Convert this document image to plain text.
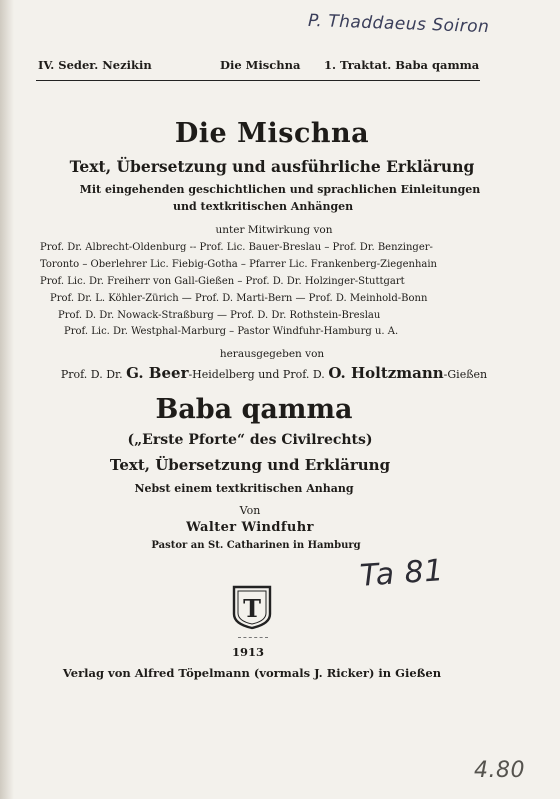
P. Thaddaeus Soiron
IV. Seder. Nezikin	Die Mischna 1. Traktat. Baba qamma
Die Mischna
Text, Übersetzung und ausführliche Erklärung
Mit eingehenden geschichtlichen und sprachlichen Einleitungen
und textkritischen Anhängen
unter Mitwirkung von
Prof. Dr. Albrecht-Oldenburg -- Prof. Lic. Bauer-Breslau – Prof. Dr. Benzinger-
Toronto – Oberlehrer Lic. Fiebig-Gotha – Pfarrer Lic. Frankenberg-Ziegenhain
Prof. Lic. Dr. Freiherr von Gall-Gießen – Prof. D. Dr. Holzinger-Stuttgart
Prof. Dr. L. Köhler-Zürich — Prof. D. Marti-Bern — Prof. D. Meinhold-Bonn
Prof. D. Dr. Nowack-Straßburg — Prof. D. Dr. Rothstein-Breslau
Prof. Lic. Dr. Westphal-Marburg – Pastor Windfuhr-Hamburg u. A.
herausgegeben von
Prof. D. Dr. G. Beer-Heidelberg und Prof. D. O. Holtzmann-Gießen
Baba qamma
(„Erste Pforte“ des Civilrechts)
Text, Übersetzung und Erklärung
Nebst einem textkritischen Anhang
Von
Walter Windfuhr
Pastor an St. Catharinen in Hamburg
Ta 81
T
1913
Verlag von Alfred Töpelmann (vormals J. Ricker) in Gießen
4.80
